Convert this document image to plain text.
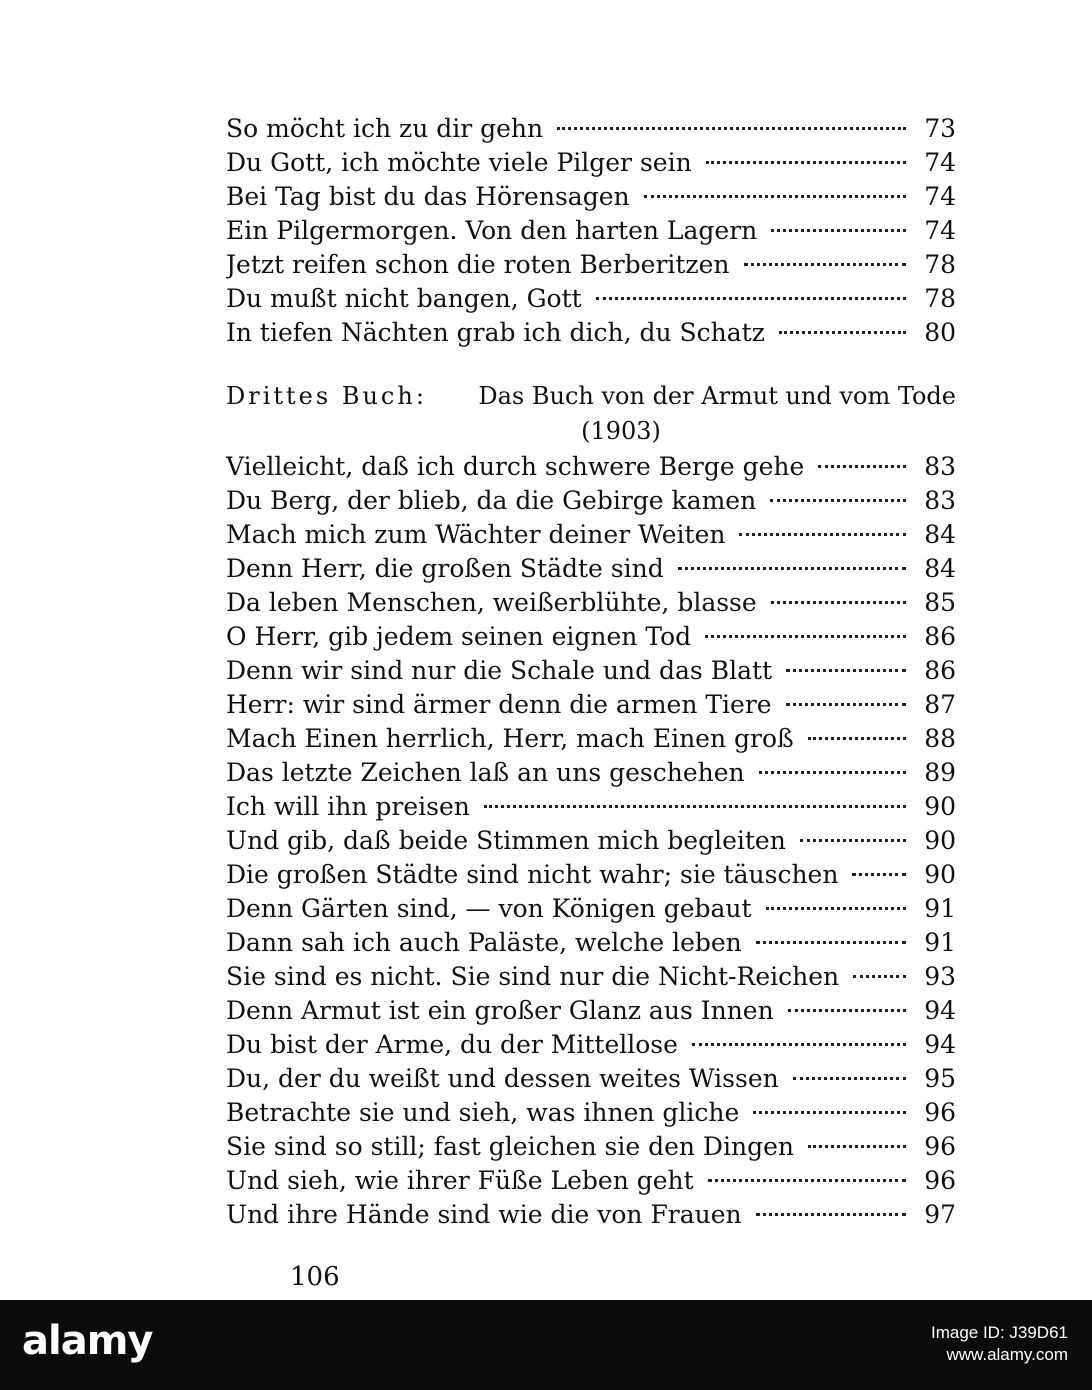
So möcht ich zu dir gehn	73
Du Gott, ich möchte viele Pilger sein	74
Bei Tag bist du das Hörensagen	74
Ein Pilgermorgen. Von den harten Lagern	74
Jetzt reifen schon die roten Berberitzen	78
Du mußt nicht bangen, Gott	78
In tiefen Nächten grab ich dich, du Schatz	80
Drittes Buch: Das Buch von der Armut und vom Tode
(1903)
Vielleicht, daß ich durch schwere Berge gehe	83
Du Berg, der blieb, da die Gebirge kamen	83
Mach mich zum Wächter deiner Weiten	84
Denn Herr, die großen Städte sind	84
Da leben Menschen, weißerblühte, blasse	85
O Herr, gib jedem seinen eignen Tod	86
Denn wir sind nur die Schale und das Blatt	86
Herr: wir sind ärmer denn die armen Tiere	87
Mach Einen herrlich, Herr, mach Einen groß	88
Das letzte Zeichen laß an uns geschehen	89
Ich will ihn preisen	90
Und gib, daß beide Stimmen mich begleiten	90
Die großen Städte sind nicht wahr; sie täuschen	90
Denn Gärten sind, — von Königen gebaut	91
Dann sah ich auch Paläste, welche leben	91
Sie sind es nicht. Sie sind nur die Nicht-Reichen	93
Denn Armut ist ein großer Glanz aus Innen	94
Du bist der Arme, du der Mittellose	94
Du, der du weißt und dessen weites Wissen	95
Betrachte sie und sieh, was ihnen gliche	96
Sie sind so still; fast gleichen sie den Dingen	96
Und sieh, wie ihrer Füße Leben geht	96
Und ihre Hände sind wie die von Frauen	97
106
alamy	Image ID: J39D61
www.alamy.com
